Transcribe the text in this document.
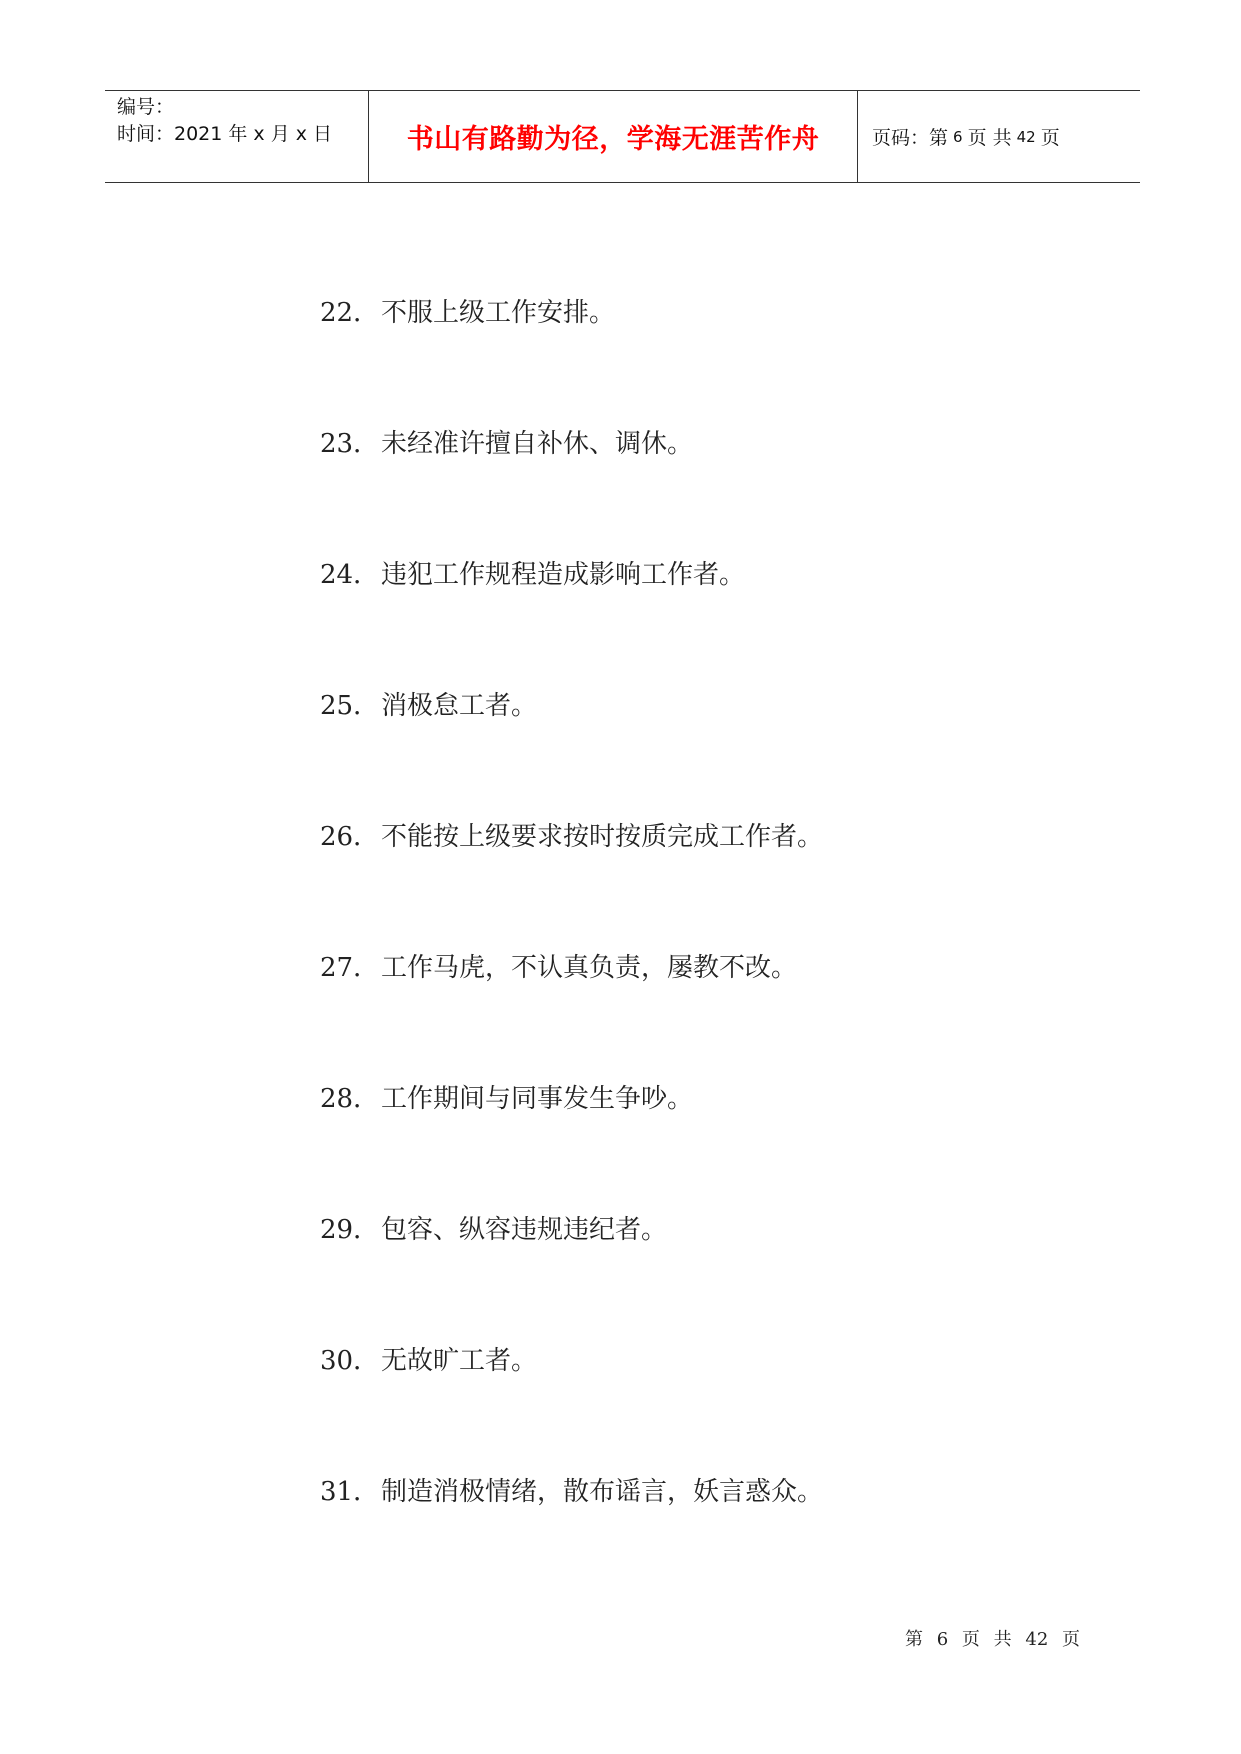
编号：
时间：2021 年 x 月 x 日	书山有路勤为径，学海无涯苦作舟	页码：第 6 页 共 42 页
22．不服上级工作安排。
23．未经准许擅自补休、调休。
24．违犯工作规程造成影响工作者。
25．消极怠工者。
26．不能按上级要求按时按质完成工作者。
27．工作马虎，不认真负责，屡教不改。
28．工作期间与同事发生争吵。
29．包容、纵容违规违纪者。
30．无故旷工者。
31．制造消极情绪，散布谣言，妖言惑众。
第 6 页 共 42 页
